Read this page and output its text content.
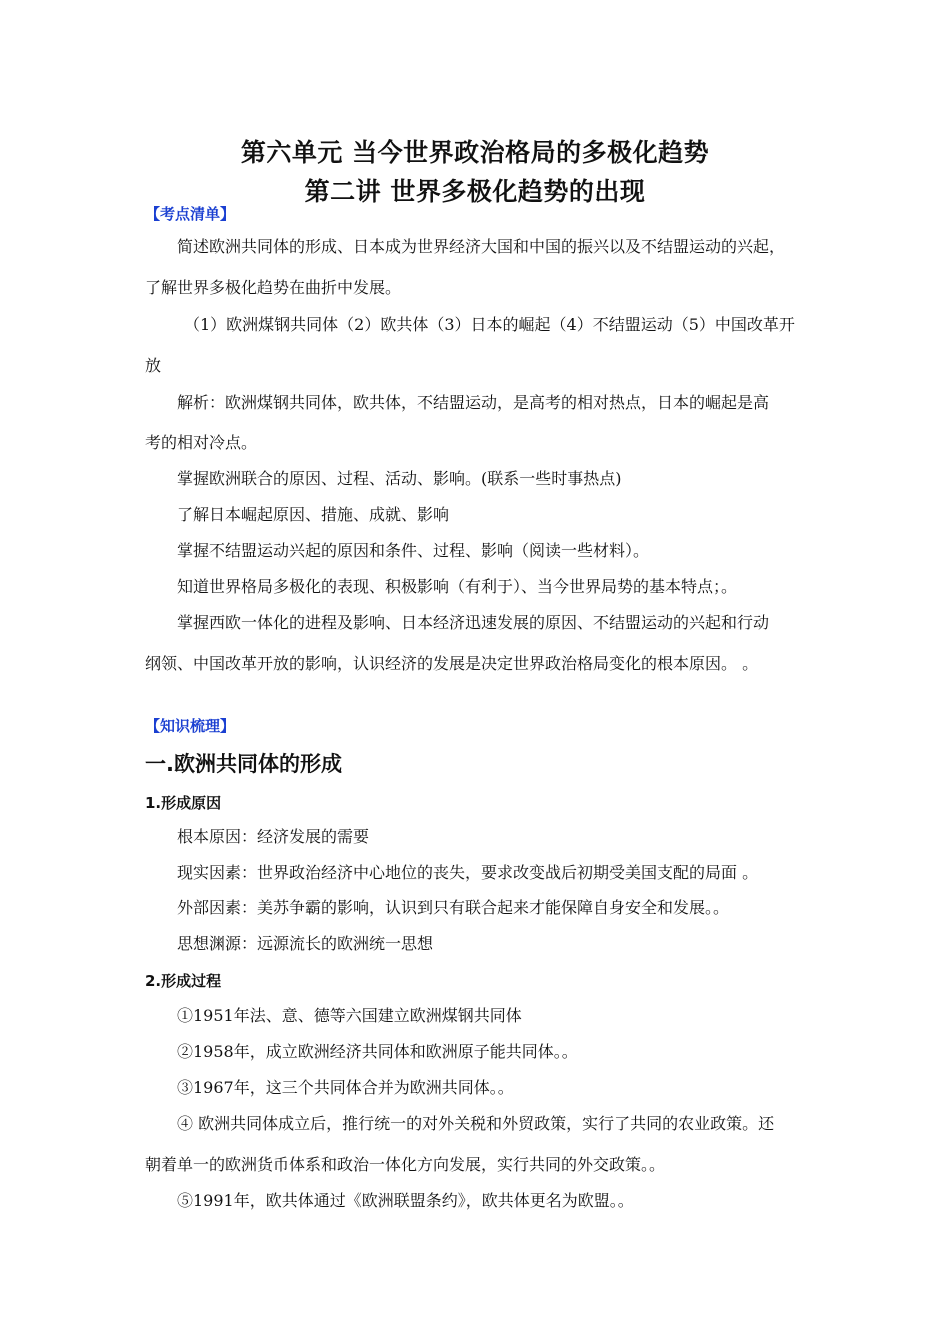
第六单元 当今世界政治格局的多极化趋势
第二讲 世界多极化趋势的出现
【考点清单】
简述欧洲共同体的形成、日本成为世界经济大国和中国的振兴以及不结盟运动的兴起，
了解世界多极化趋势在曲折中发展。
（1）欧洲煤钢共同体（2）欧共体（3）日本的崛起（4）不结盟运动（5）中国改革开
放
解析：欧洲煤钢共同体，欧共体，不结盟运动，是高考的相对热点，日本的崛起是高
考的相对冷点。
掌握欧洲联合的原因、过程、活动、影响。(联系一些时事热点)
了解日本崛起原因、措施、成就、影响
掌握不结盟运动兴起的原因和条件、过程、影响（阅读一些材料）。
知道世界格局多极化的表现、积极影响（有利于）、当今世界局势的基本特点；。
掌握西欧一体化的进程及影响、日本经济迅速发展的原因、不结盟运动的兴起和行动
纲领、中国改革开放的影响，认识经济的发展是决定世界政治格局变化的根本原因。 。
【知识梳理】
一.欧洲共同体的形成
1.形成原因
根本原因：经济发展的需要
现实因素：世界政治经济中心地位的丧失，要求改变战后初期受美国支配的局面 。
外部因素：美苏争霸的影响，认识到只有联合起来才能保障自身安全和发展。。
思想渊源：远源流长的欧洲统一思想
2.形成过程
①1951年法、意、德等六国建立欧洲煤钢共同体
②1958年，成立欧洲经济共同体和欧洲原子能共同体。。
③1967年，这三个共同体合并为欧洲共同体。。
④ 欧洲共同体成立后，推行统一的对外关税和外贸政策，实行了共同的农业政策。还
朝着单一的欧洲货币体系和政治一体化方向发展，实行共同的外交政策。。
⑤1991年，欧共体通过《欧洲联盟条约》，欧共体更名为欧盟。。
